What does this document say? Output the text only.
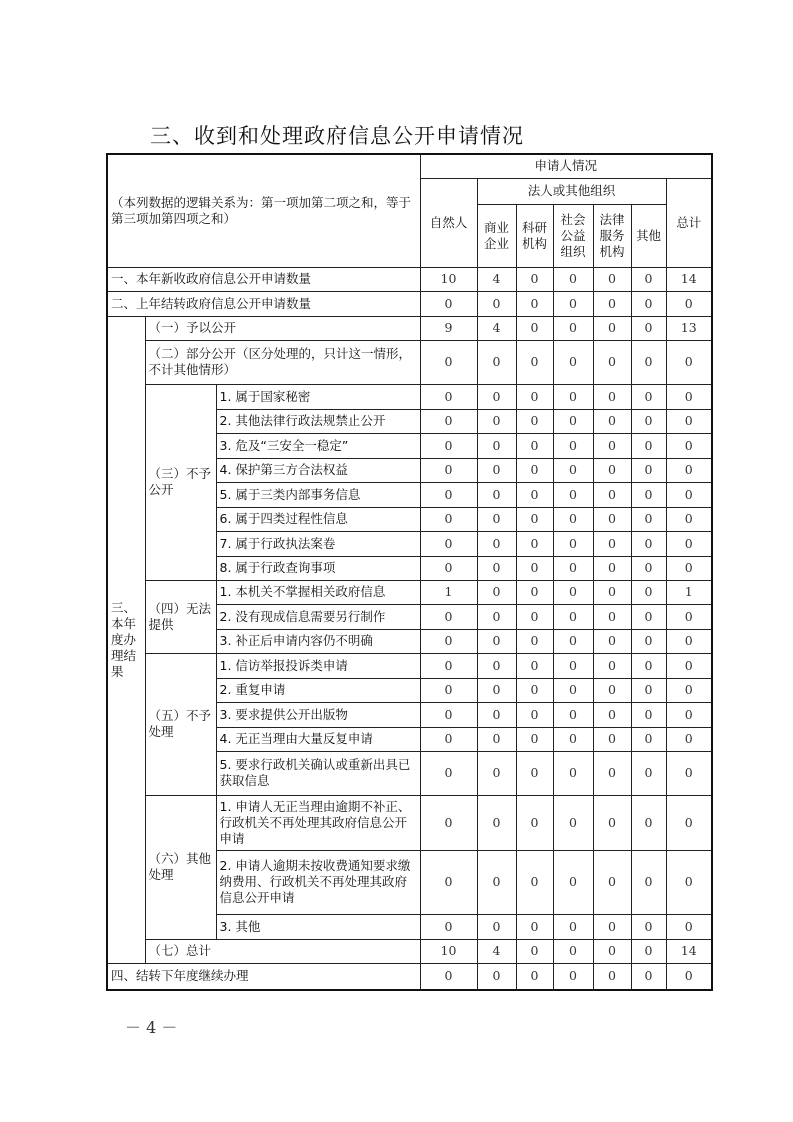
三、收到和处理政府信息公开申请情况
（本列数据的逻辑关系为：第一项加第二项之和，等于第三项加第四项之和）			申请人情况						
			自然人	法人或其他组织					总计
				商业企业	科研机构	社会公益组织	法律服务机构	其他	
一、本年新收政府信息公开申请数量			10	4	0	0	0	0	14
二、上年结转政府信息公开申请数量			0	0	0	0	0	0	0
三、本年度办理结果	（一）予以公开		9	4	0	0	0	0	13
	（二）部分公开（区分处理的，只计这一情形，不计其他情形）		0	0	0	0	0	0	0
	（三）不予公开	1. 属于国家秘密	0	0	0	0	0	0	0
		2. 其他法律行政法规禁止公开	0	0	0	0	0	0	0
		3. 危及“三安全一稳定”	0	0	0	0	0	0	0
		4. 保护第三方合法权益	0	0	0	0	0	0	0
		5. 属于三类内部事务信息	0	0	0	0	0	0	0
		6. 属于四类过程性信息	0	0	0	0	0	0	0
		7. 属于行政执法案卷	0	0	0	0	0	0	0
		8. 属于行政查询事项	0	0	0	0	0	0	0
	（四）无法提供	1. 本机关不掌握相关政府信息	1	0	0	0	0	0	1
		2. 没有现成信息需要另行制作	0	0	0	0	0	0	0
		3. 补正后申请内容仍不明确	0	0	0	0	0	0	0
	（五）不予处理	1. 信访举报投诉类申请	0	0	0	0	0	0	0
		2. 重复申请	0	0	0	0	0	0	0
		3. 要求提供公开出版物	0	0	0	0	0	0	0
		4. 无正当理由大量反复申请	0	0	0	0	0	0	0
		5. 要求行政机关确认或重新出具已获取信息	0	0	0	0	0	0	0
	（六）其他处理	1. 申请人无正当理由逾期不补正、行政机关不再处理其政府信息公开申请	0	0	0	0	0	0	0
		2. 申请人逾期未按收费通知要求缴纳费用、行政机关不再处理其政府信息公开申请	0	0	0	0	0	0	0
		3. 其他	0	0	0	0	0	0	0
	（七）总计		10	4	0	0	0	0	14
四、结转下年度继续办理			0	0	0	0	0	0	0
－ 4 －
